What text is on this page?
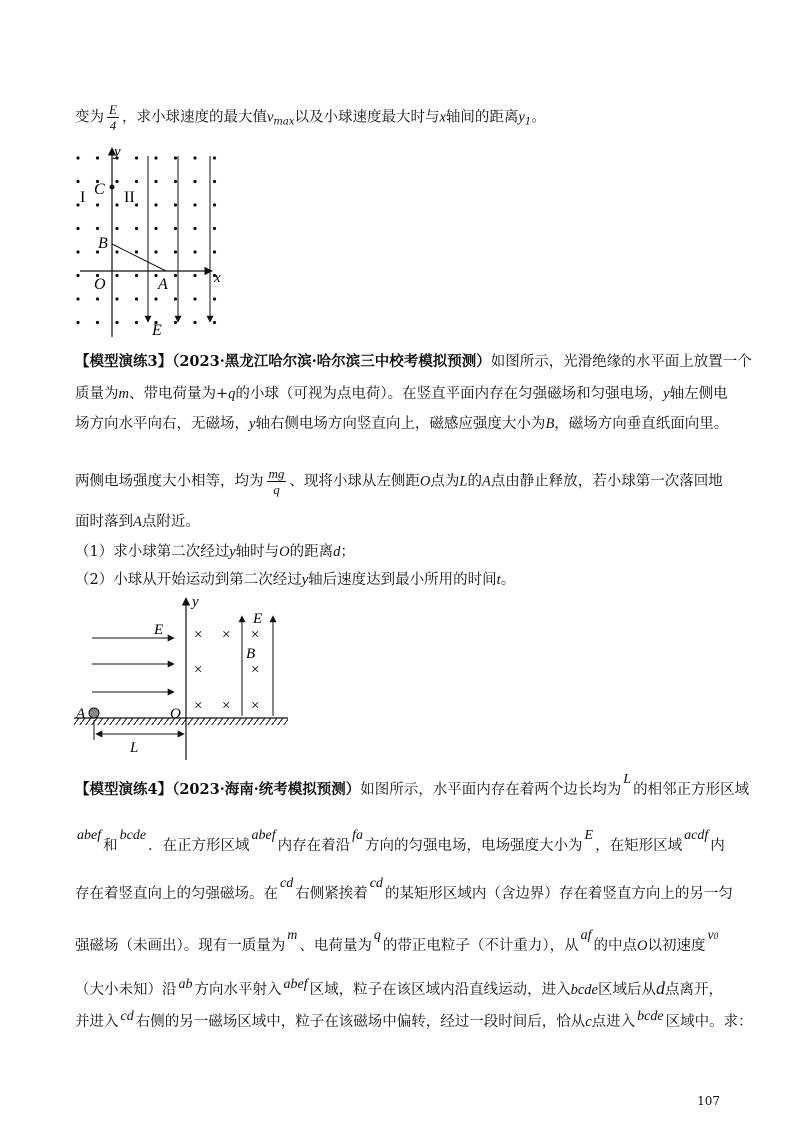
变为 $\frac{E}{4}$ ，求小球速度的最大值$v_{max}$以及小球速度最大时与x轴间的距离$y_1$。
y
x
C
I II
B
O	A
E
【模型演练3】（2023·黑龙江哈尔滨·哈尔滨三中校考模拟预测）如图所示，光滑绝缘的水平面上放置一个
质量为m、带电荷量为+q的小球（可视为点电荷）。在竖直平面内存在匀强磁场和匀强电场，y轴左侧电
场方向水平向右，无磁场，y轴右侧电场方向竖直向上，磁感应强度大小为B，磁场方向垂直纸面向里。
两侧电场强度大小相等，均为 $\frac{mg}{q}$ 、现将小球从左侧距O点为L的A点由静止释放，若小球第一次落回地
面时落到A点附近。
（1）求小球第二次经过y轴时与O的距离d；
（2）小球从开始运动到第二次经过y轴后速度达到最小所用的时间t。
× × ×
×	×
× × ×
y
E
E
B
A	O
L
【模型演练4】（2023·海南·统考模拟预测）如图所示，水平面内存在着两个边长均为L的相邻正方形区域
abef和bcde．在正方形区域abef内存在着沿fa方向的匀强电场，电场强度大小为E，在矩形区域acdf内
存在着竖直向上的匀强磁场。在cd右侧紧挨着cd的某矩形区域内（含边界）存在着竖直方向上的另一匀
强磁场（未画出）。现有一质量为m、电荷量为q的带正电粒子（不计重力），从af的中点O以初速度v0
（大小未知）沿 ab 方向水平射入 abef 区域，粒子在该区域内沿直线运动，进入bcde区域后从d点离开，
并进入 cd 右侧的另一磁场区域中，粒子在该磁场中偏转，经过一段时间后，恰从c点进入 bcde 区域中。求：
107
